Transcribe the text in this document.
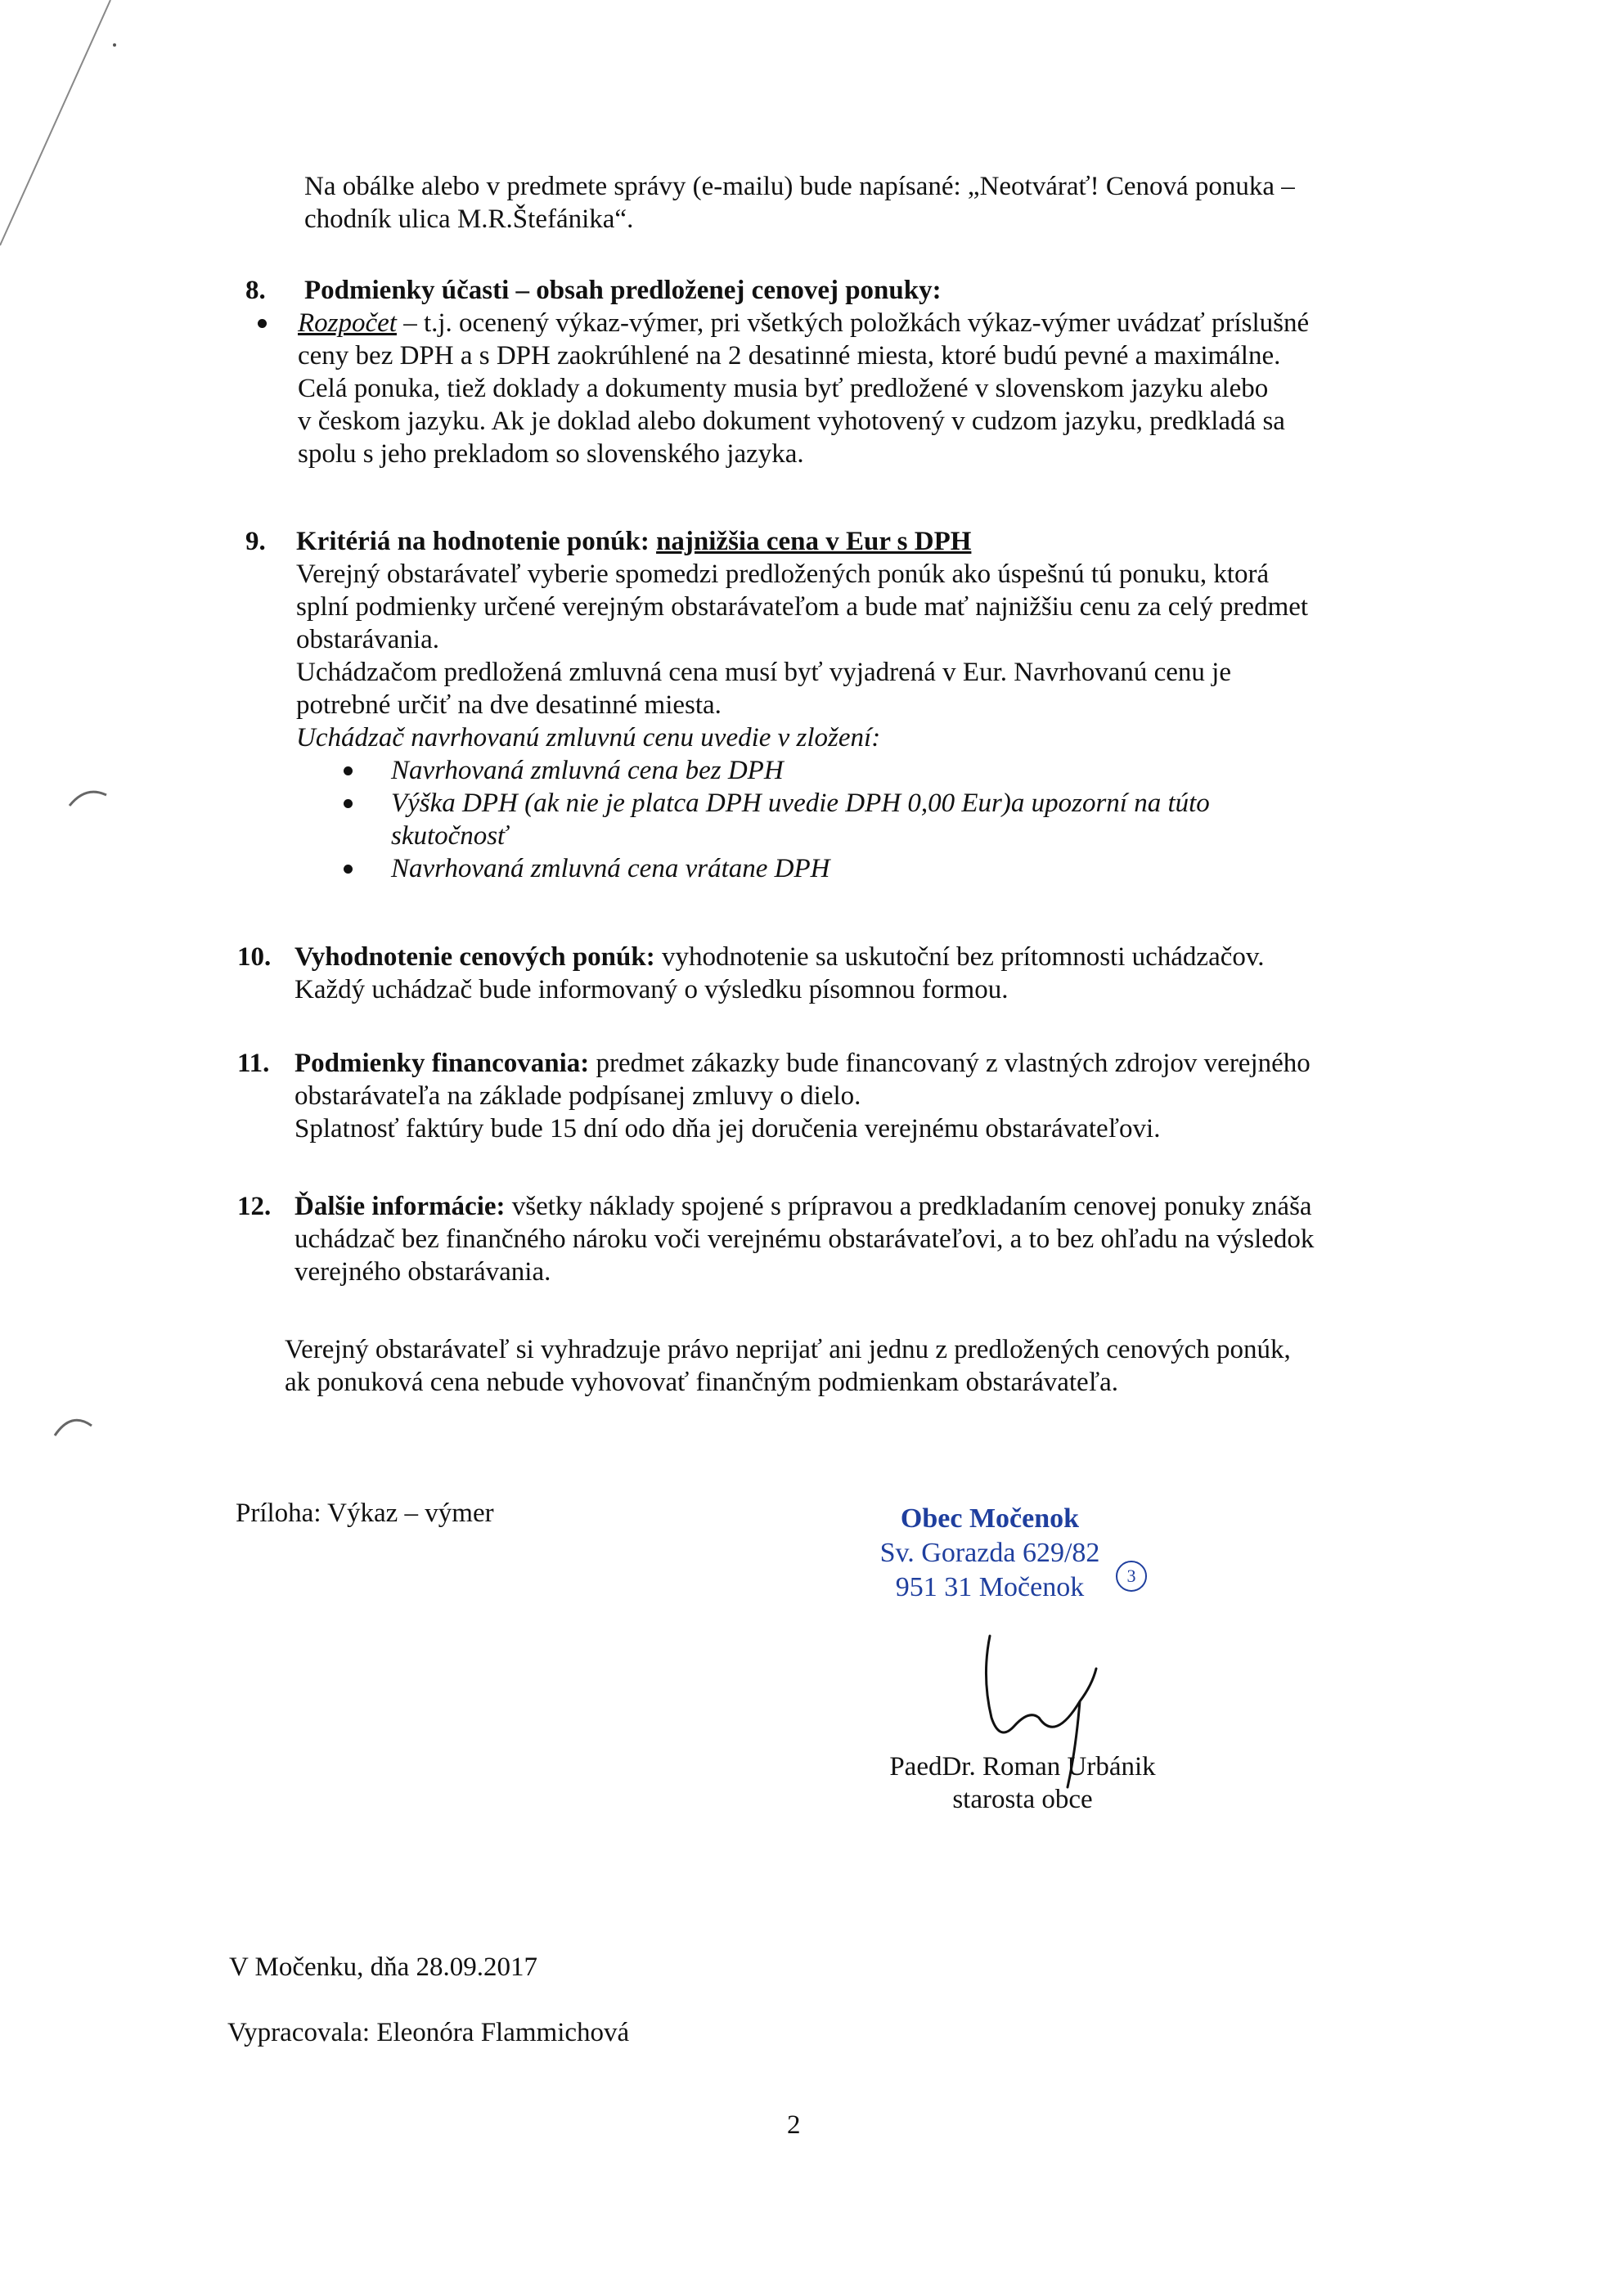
Na obálke alebo v predmete správy (e-mailu) bude napísané: „Neotvárať! Cenová ponuka –
chodník ulica M.R.Štefánika“.
8. Podmienky účasti – obsah predloženej cenovej ponuky:
Rozpočet – t.j. ocenený výkaz-výmer, pri všetkých položkách výkaz-výmer uvádzať príslušné
ceny bez DPH a s DPH zaokrúhlené na 2 desatinné miesta, ktoré budú pevné a maximálne.
Celá ponuka, tiež doklady a dokumenty musia byť predložené v slovenskom jazyku alebo
v českom jazyku. Ak je doklad alebo dokument vyhotovený v cudzom jazyku, predkladá sa
spolu s jeho prekladom so slovenského jazyka.
9. Kritériá na hodnotenie ponúk: najnižšia cena v Eur s DPH
Verejný obstarávateľ vyberie spomedzi predložených ponúk ako úspešnú tú ponuku, ktorá
splní podmienky určené verejným obstarávateľom a bude mať najnižšiu cenu za celý predmet
obstarávania.
Uchádzačom predložená zmluvná cena musí byť vyjadrená v Eur. Navrhovanú cenu je
potrebné určiť na dve desatinné miesta.
Uchádzač navrhovanú zmluvnú cenu uvedie v zložení:
Navrhovaná zmluvná cena bez DPH
Výška DPH (ak nie je platca DPH uvedie DPH 0,00 Eur)a upozorní na túto
skutočnosť
Navrhovaná zmluvná cena vrátane DPH
10. Vyhodnotenie cenových ponúk: vyhodnotenie sa uskutoční bez prítomnosti uchádzačov.
Každý uchádzač bude informovaný o výsledku písomnou formou.
11. Podmienky financovania: predmet zákazky bude financovaný z vlastných zdrojov verejného
obstarávateľa na základe podpísanej zmluvy o dielo.
Splatnosť faktúry bude 15 dní odo dňa jej doručenia verejnému obstarávateľovi.
12. Ďalšie informácie: všetky náklady spojené s prípravou a predkladaním cenovej ponuky znáša
uchádzač bez finančného nároku voči verejnému obstarávateľovi, a to bez ohľadu na výsledok
verejného obstarávania.
Verejný obstarávateľ si vyhradzuje právo neprijať ani jednu z predložených cenových ponúk,
ak ponuková cena nebude vyhovovať finančným podmienkam obstarávateľa.
Príloha: Výkaz – výmer	Obec Močenok
Sv. Gorazda 629/82
951 31 Močenok	3
PaedDr. Roman Urbánik
starosta obce
V Močenku, dňa 28.09.2017
Vypracovala: Eleonóra Flammichová
2
